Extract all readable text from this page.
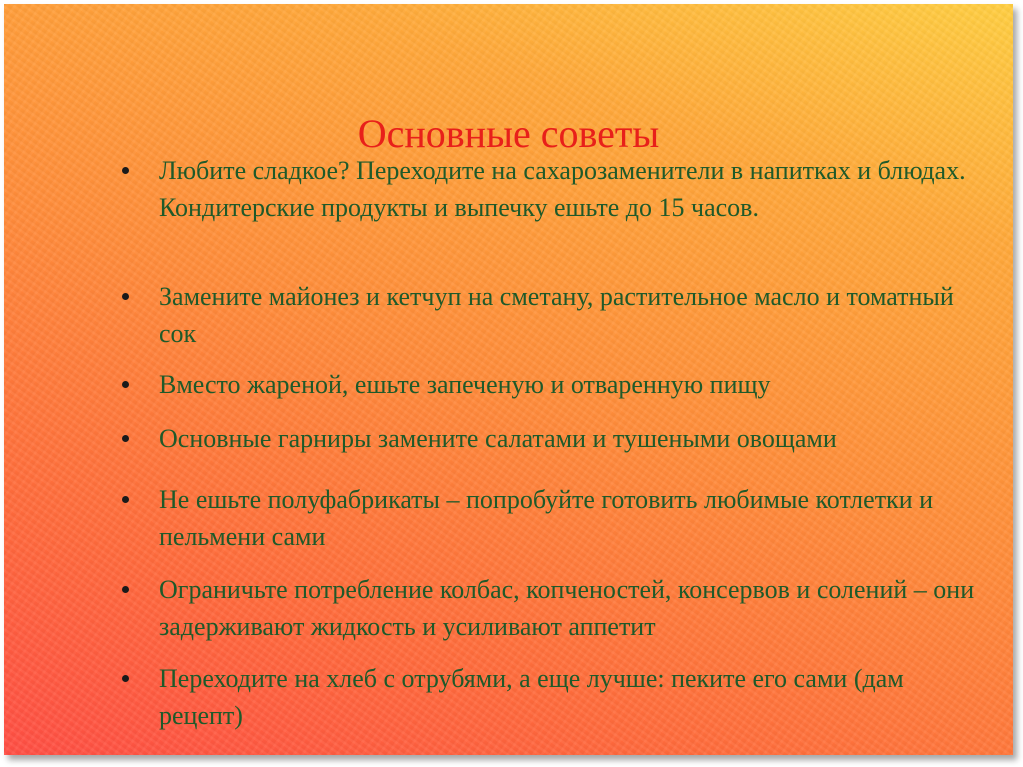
Основные советы
Любите сладкое? Переходите на сахарозаменители в напитках и блюдах. Кондитерские продукты и выпечку ешьте до 15 часов.
Замените майонез и кетчуп на сметану, растительное масло и томатный сок
Вместо жареной, ешьте запеченую и отваренную пищу
Основные гарниры замените салатами и тушеными овощами
Не ешьте полуфабрикаты – попробуйте готовить любимые котлетки и пельмени сами
Ограничьте потребление колбас, копченостей, консервов и солений – они задерживают жидкость и усиливают аппетит
Переходите на хлеб с отрубями, а еще лучше: пеките его сами (дам рецепт)
